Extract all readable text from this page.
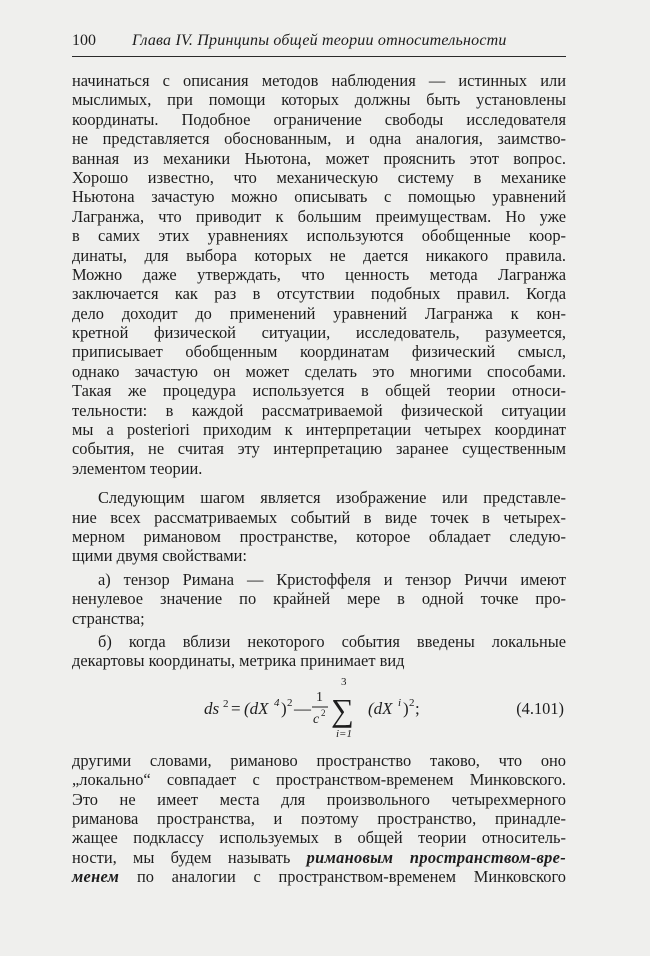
100 Глава IV. Принципы общей теории относительности
начинаться с описания методов наблюдения — истинных или
мыслимых, при помощи которых должны быть установлены
координаты. Подобное ограничение свободы исследователя
не представляется обоснованным, и одна аналогия, заимство-
ванная из механики Ньютона, может прояснить этот вопрос.
Хорошо известно, что механическую систему в механике
Ньютона зачастую можно описывать с помощью уравнений
Лагранжа, что приводит к большим преимуществам. Но уже
в самих этих уравнениях используются обобщенные коор-
динаты, для выбора которых не дается никакого правила.
Можно даже утверждать, что ценность метода Лагранжа
заключается как раз в отсутствии подобных правил. Когда
дело доходит до применений уравнений Лагранжа к кон-
кретной физической ситуации, исследователь, разумеется,
приписывает обобщенным координатам физический смысл,
однако зачастую он может сделать это многими способами.
Такая же процедура используется в общей теории относи-
тельности: в каждой рассматриваемой физической ситуации
мы a posteriori приходим к интерпретации четырех координат
события, не считая эту интерпретацию заранее существенным
элементом теории.
Следующим шагом является изображение или представле-
ние всех рассматриваемых событий в виде точек в четырех-
мерном римановом пространстве, которое обладает следую-
щими двумя свойствами:
а) тензор Римана — Кристоффеля и тензор Риччи имеют
ненулевое значение по крайней мере в одной точке про-
странства;
б) когда вблизи некоторого события введены локальные
декартовы координаты, метрика принимает вид
ds 2 = (dX 4 ) 2 —
1
c 2
3
∑
i=1
(dX i ) 2 ;	(4.101)
другими словами, риманово пространство таково, что оно
„локально“ совпадает с пространством-временем Минковского.
Это не имеет места для произвольного четырехмерного
риманова пространства, и поэтому пространство, принадле-
жащее подклассу используемых в общей теории относитель-
ности, мы будем называть римановым пространством-вре-
менем по аналогии с пространством-временем Минковского
